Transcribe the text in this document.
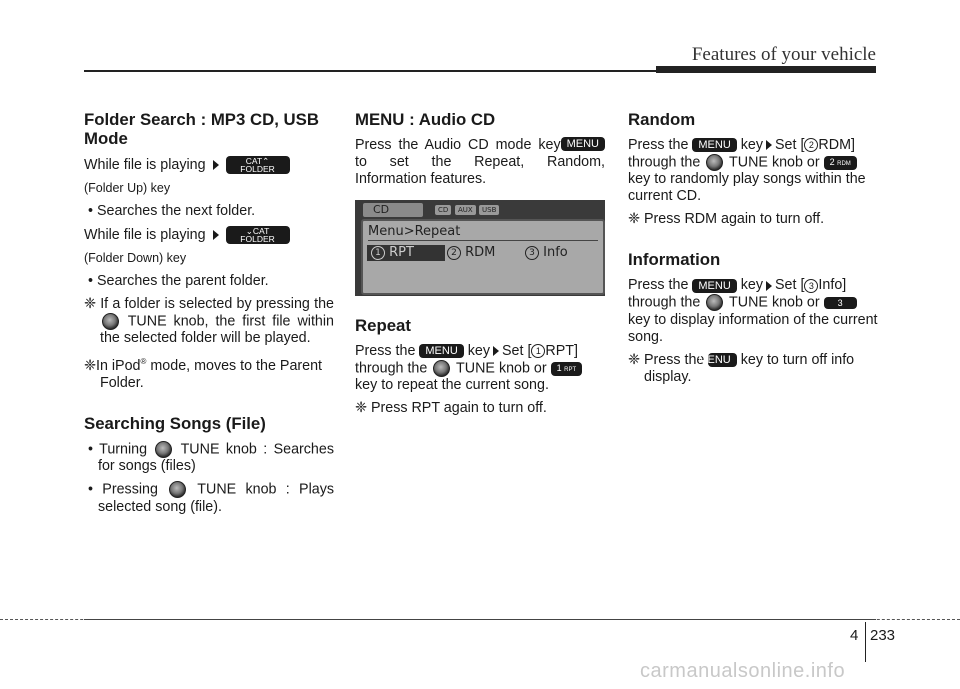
Features of your vehicle
Folder Search : MP3 CD, USB Mode

While file is playing	CAT⌃
FOLDER

(Folder Up) key

• Searches the next folder.

While file is playing	⌄CAT
FOLDER

(Folder Down) key

• Searches the parent folder.

❈ If a folder is selected by pressing the  TUNE knob, the first file within the selected folder will be played.

❈In iPod® mode, moves to the Parent Folder.

Searching Songs (File)

• Turning TUNE knob : Searches for songs (files)

• Pressing	TUNE knob : Plays selected song (file).

MENU : Audio CD

Press the Audio CD mode	MENU
key to set the Repeat, Random, Information features.

CD	CD	AUX	USB
Menu>Repeat
1 RPT	2 RDM	3 Info
Repeat

Press the MENU key Set [ 1 RPT]
through the TUNE knob or 1 RPT
key to repeat the current song.

❈ Press RPT again to turn off.

Random

Press the MENU key Set [ 2 RDM]
through the TUNE knob or 2 RDM
key to randomly play songs within the current CD.

❈ Press RDM again to turn off.

Information

Press the MENU key Set [ 3 Info]
through the TUNE knob or 3
key to display information of the current song.

❈ Press the MENU key to turn off info display.

4 233
carmanualsonline.info
